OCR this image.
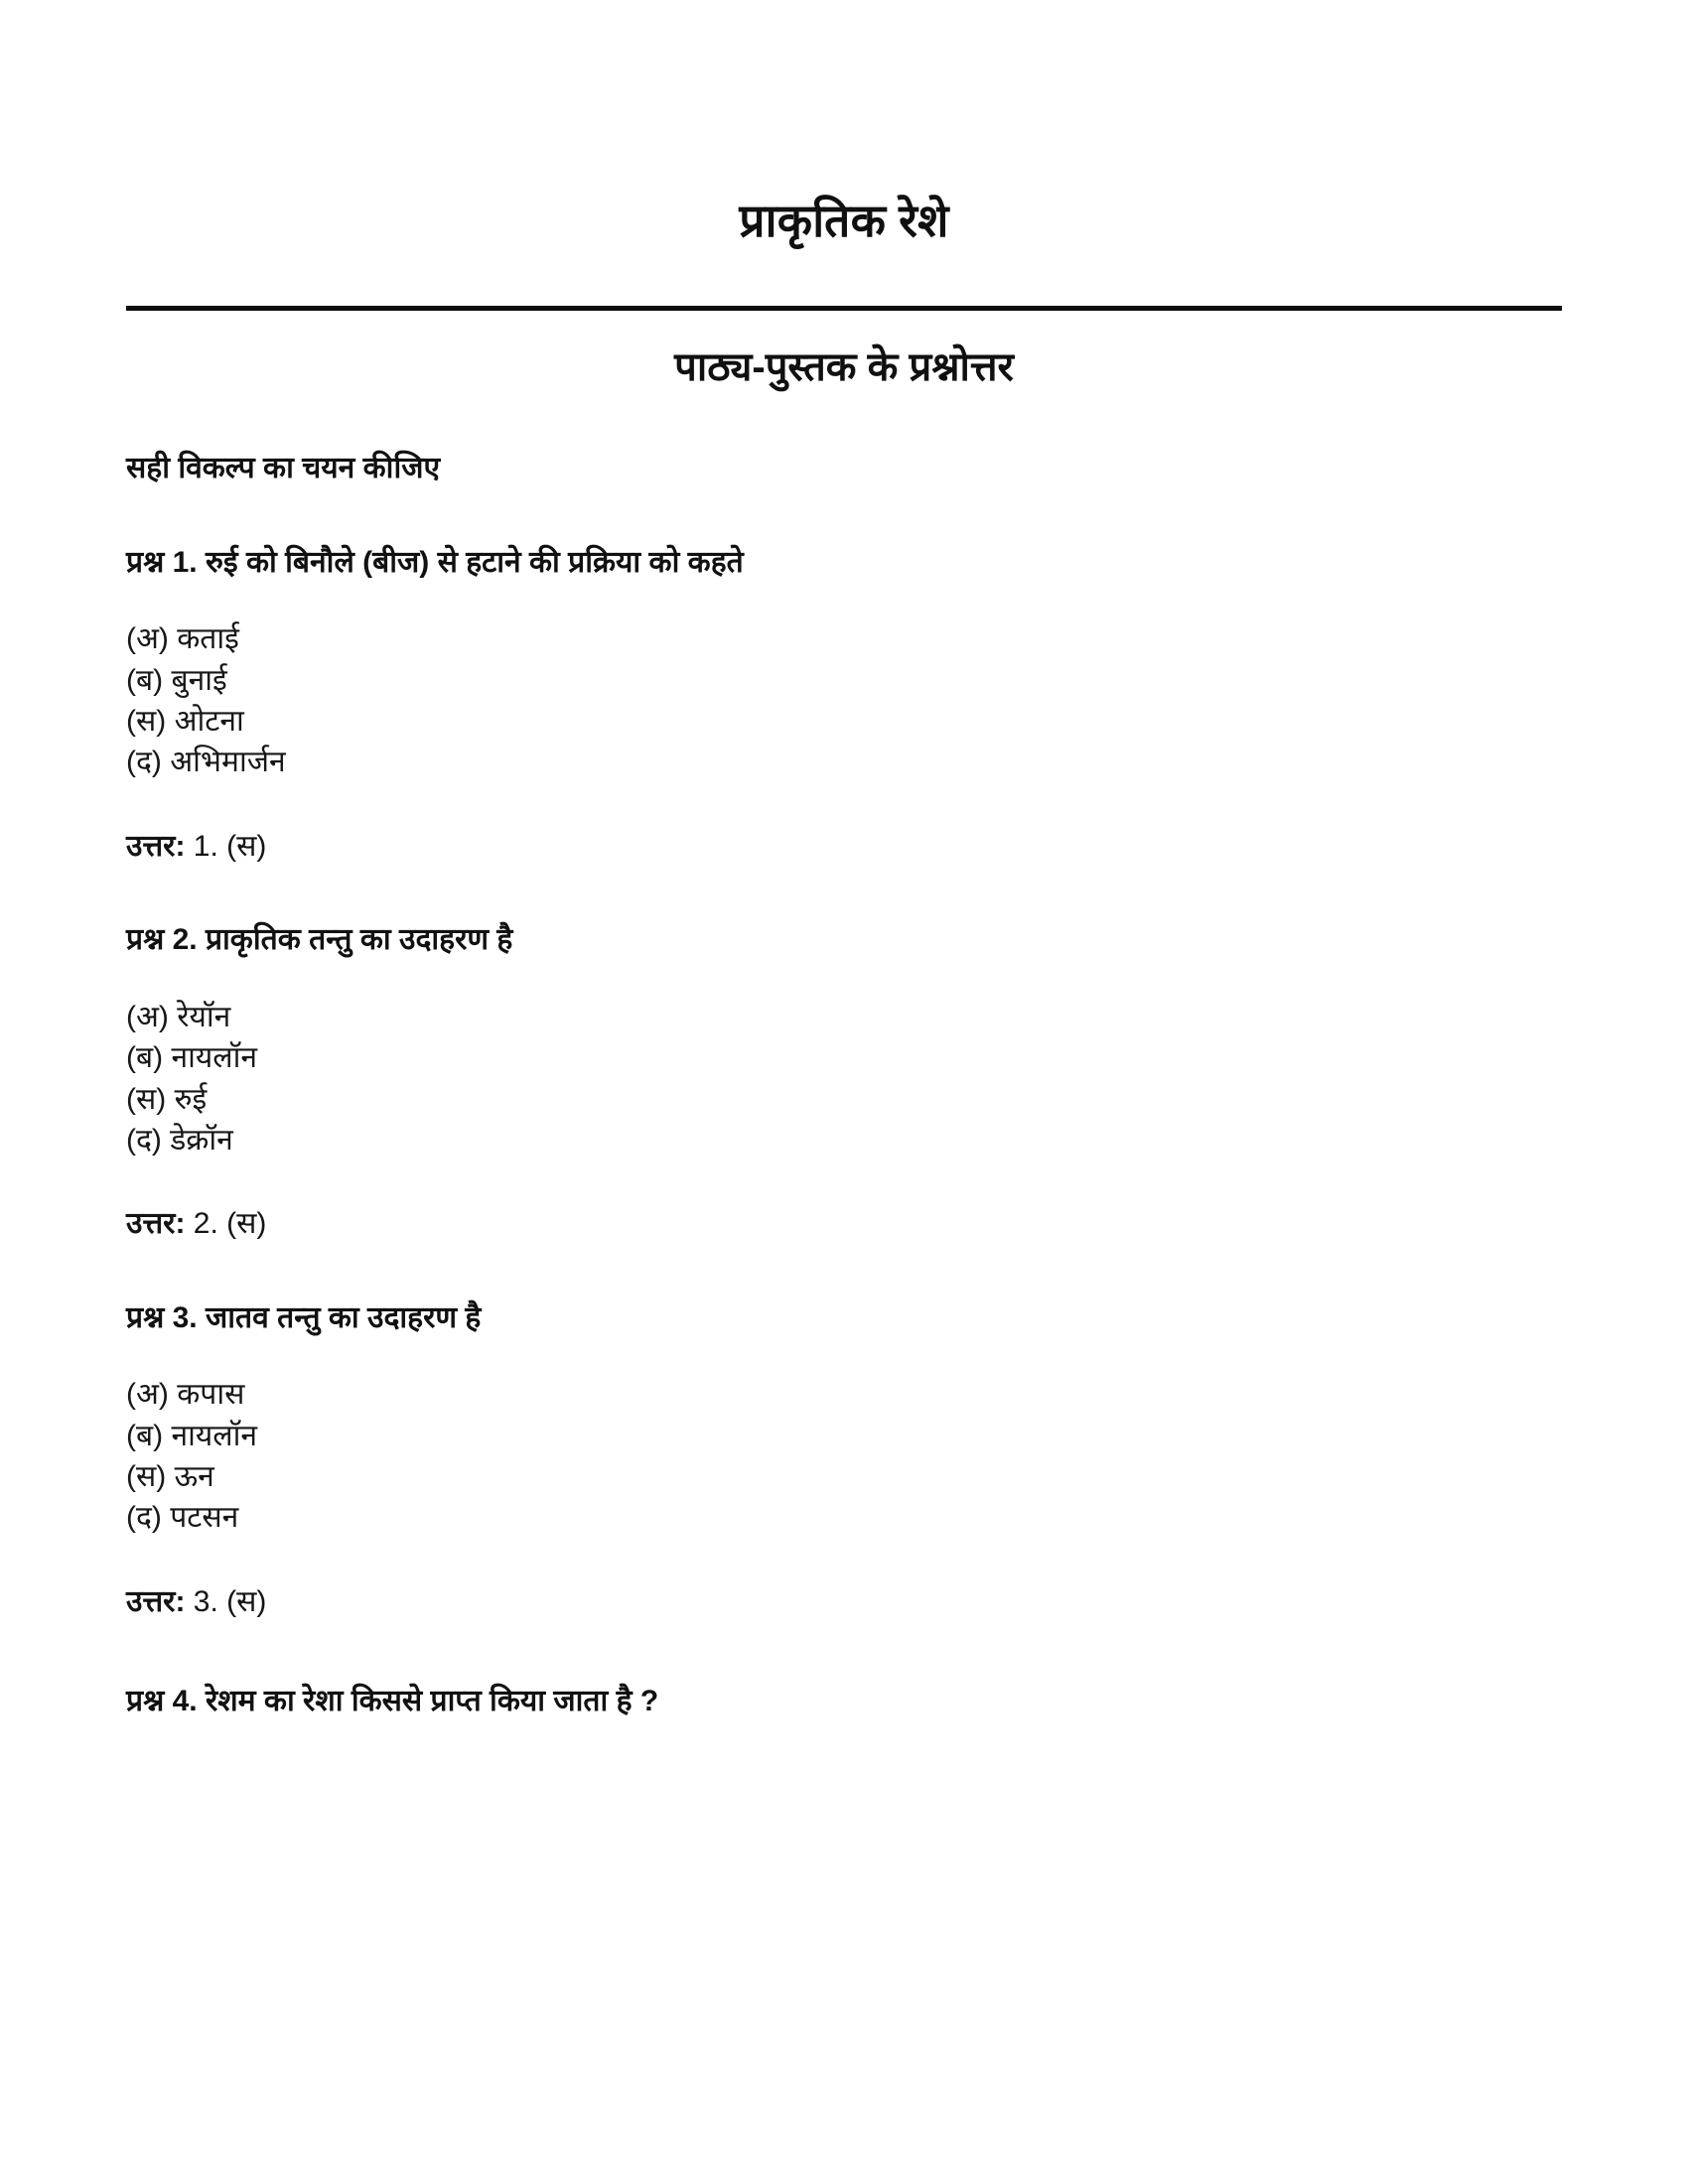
प्राकृतिक रेशे
पाठ्य-पुस्तक के प्रश्नोत्तर

सही विकल्प का चयन कीजिए

प्रश्न 1. रुई को बिनौले (बीज) से हटाने की प्रक्रिया को कहते

(अ) कताई
(ब) बुनाई
(स) ओटना
(द) अभिमार्जन

उत्तर: 1. (स)

प्रश्न 2. प्राकृतिक तन्तु का उदाहरण है

(अ) रेयॉन
(ब) नायलॉन
(स) रुई
(द) डेक्रॉन

उत्तर: 2. (स)

प्रश्न 3. जातव तन्तु का उदाहरण है

(अ) कपास
(ब) नायलॉन
(स) ऊन
(द) पटसन

उत्तर: 3. (स)

प्रश्न 4. रेशम का रेशा किससे प्राप्त किया जाता है ?
